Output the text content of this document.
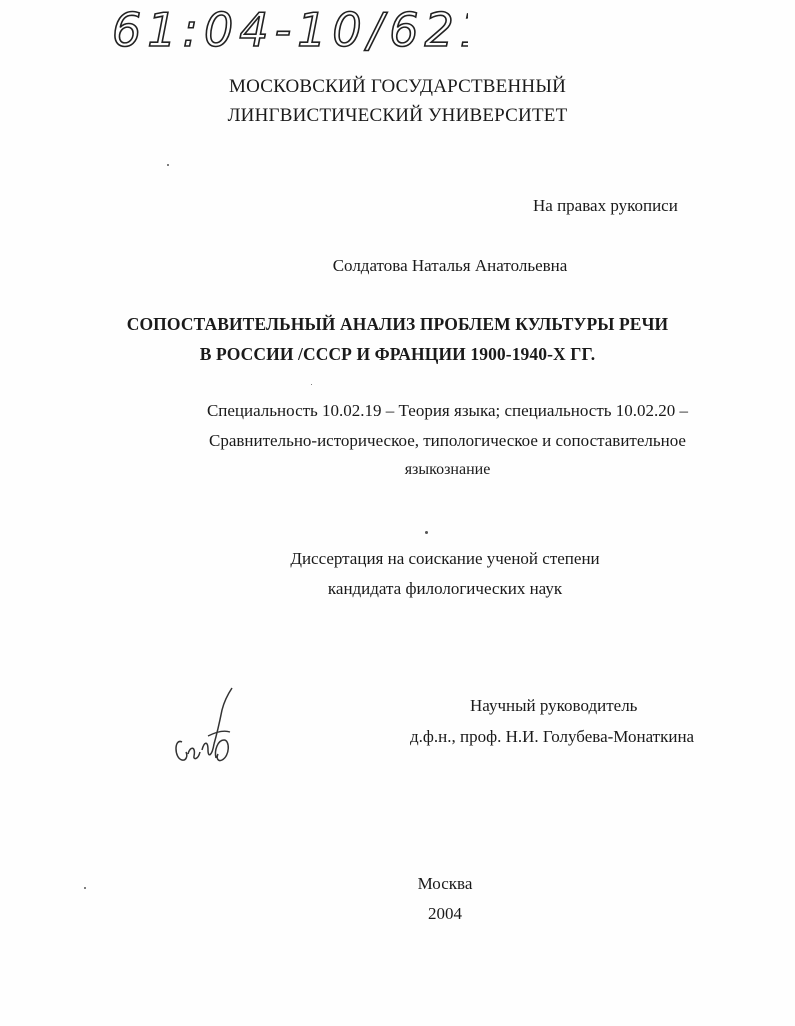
61:04-10/621
МОСКОВСКИЙ ГОСУДАРСТВЕННЫЙ
ЛИНГВИСТИЧЕСКИЙ УНИВЕРСИТЕТ
На правах рукописи
Солдатова Наталья Анатольевна
СОПОСТАВИТЕЛЬНЫЙ АНАЛИЗ ПРОБЛЕМ КУЛЬТУРЫ РЕЧИ
В РОССИИ /СССР И ФРАНЦИИ 1900-1940-Х ГГ.
Специальность 10.02.19 – Теория языка; специальность 10.02.20 –
Сравнительно-историческое, типологическое и сопоставительное
языкознание
Диссертация на соискание ученой степени
кандидата филологических наук
Научный руководитель
д.ф.н., проф. Н.И. Голубева-Монаткина
Москва
2004
